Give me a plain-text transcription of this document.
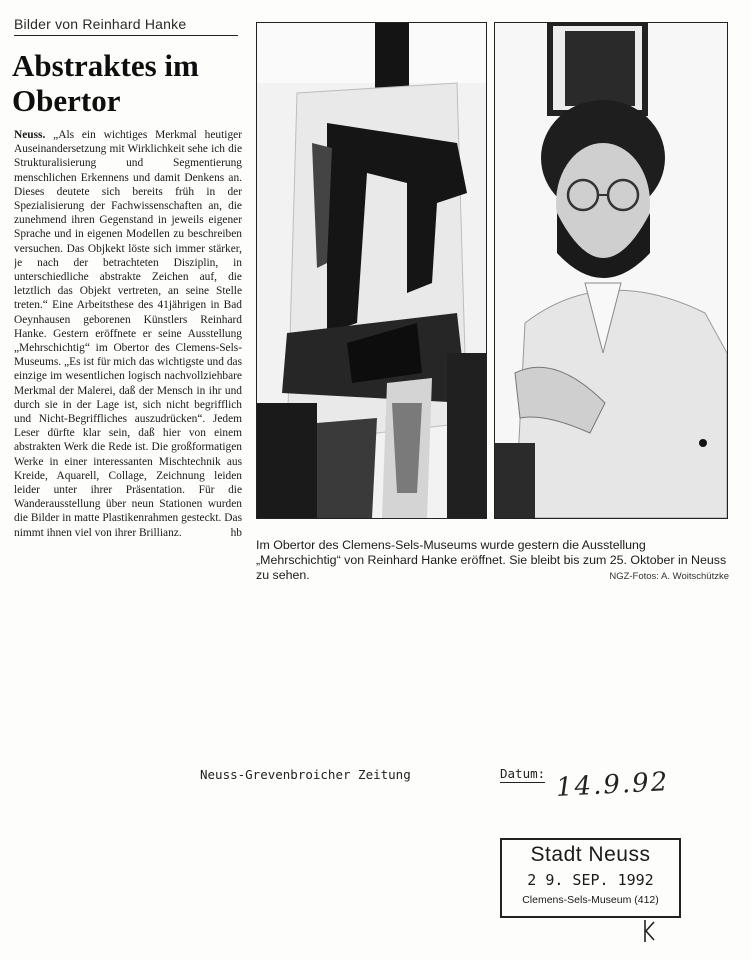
Bilder von Reinhard Hanke
Abstraktes im Obertor
Neuss. „Als ein wichtiges Merkmal heutiger Auseinandersetzung mit Wirklichkeit sehe ich die Strukturalisierung und Segmentierung menschlichen Erkennens und damit Denkens an. Dieses deutete sich bereits früh in der Spezialisierung der Fachwissenschaften an, die zunehmend ihren Gegenstand in jeweils eigener Sprache und in eigenen Modellen zu beschreiben versuchen. Das Objkekt löste sich immer stärker, je nach der betrachteten Disziplin, in unterschiedliche abstrakte Zeichen auf, die letztlich das Objekt vertreten, an seine Stelle treten.“ Eine Arbeitsthese des 41jährigen in Bad Oeynhausen geborenen Künstlers Reinhard Hanke. Gestern eröffnete er seine Ausstellung „Mehrschichtig“ im Obertor des Clemens-Sels-Museums. „Es ist für mich das wichtigste und das einzige im wesentlichen logisch nachvollziehbare Merkmal der Malerei, daß der Mensch in ihr und durch sie in der Lage ist, sich nicht begrifflich und Nicht-Begriffliches auszudrücken“. Jedem Leser dürfte klar sein, daß hier von einem abstrakten Werk die Rede ist. Die großformatigen Werke in einer interessanten Mischtechnik aus Kreide, Aquarell, Collage, Zeichnung leiden leider unter ihrer Präsentation. Für die Wanderausstellung über neun Stationen wurden die Bilder in matte Plastikenrahmen gesteckt. Das nimmt ihnen viel von ihrer Brillianz.	hb
Im Obertor des Clemens-Sels-Museums wurde gestern die Ausstellung „Mehrschichtig“ von Reinhard Hanke eröffnet. Sie bleibt bis zum 25. Oktober in Neuss zu sehen.	NGZ-Fotos: A. Woitschützke
Neuss-Grevenbroicher Zeitung	Datum: 14.9.92
Stadt Neuss
2 9. SEP. 1992
Clemens-Sels-Museum (412)
